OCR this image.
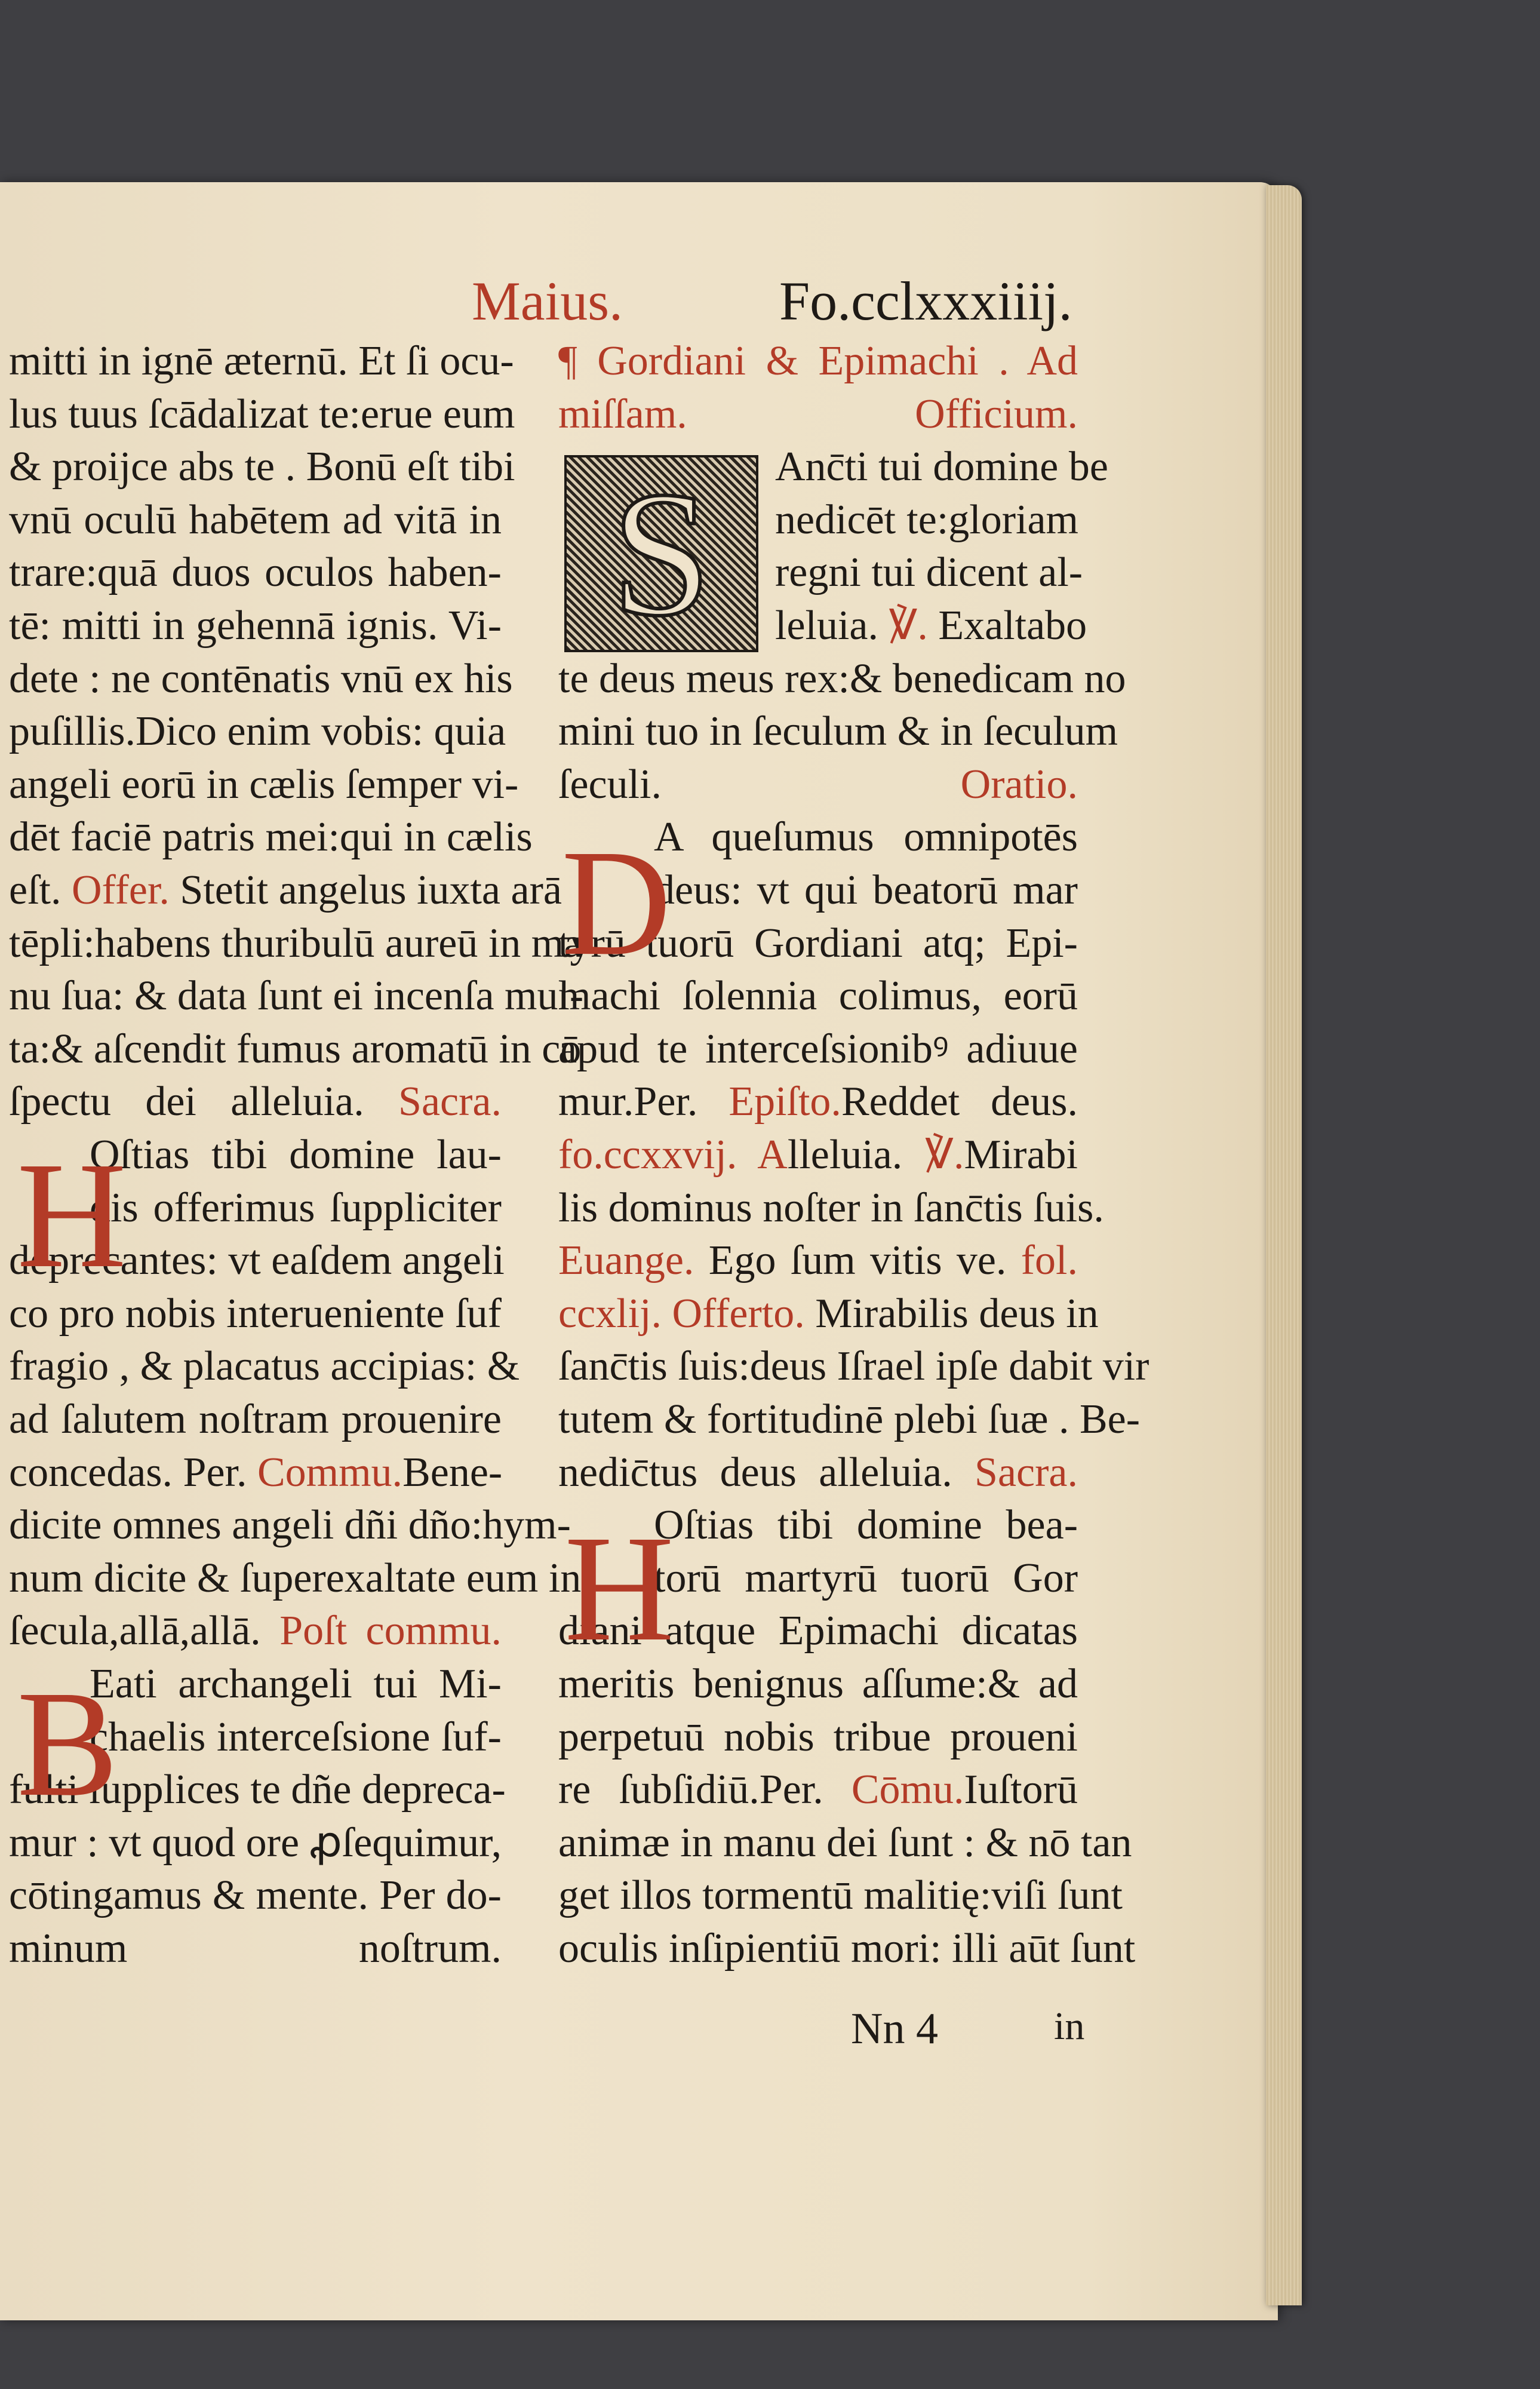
Maius.	Fo.cclxxxiiij.
mitti in ignē æternū. Et ſi ocu-
lus tuus ſcādalizat te:erue eum
& proijce abs te . Bonū eſt tibi
vnū oculū habētem ad vitā in
trare:quā duos oculos haben-
tē: mitti in gehennā ignis. Vi-
dete : ne contēnatis vnū ex his
puſillis.Dico enim vobis: quia
angeli eorū in cælis ſemper vi-
dēt faciē patris mei:qui in cælis
eſt. Offer. Stetit angelus iuxta arā
tēpli:habens thuribulū aureū in ma
nu ſua: & data ſunt ei incenſa mul-
ta:& aſcendit fumus aromatū in cō
ſpectu dei alleluia. Sacra.
Oſtias tibi domine lau-
dis offerimus ſuppliciter
deprecantes: vt eaſdem angeli
co pro nobis interueniente ſuf
fragio , & placatus accipias: &
ad ſalutem noſtram prouenire
concedas. Per. Commu.Bene-
dicite omnes angeli dñi dño:hym-
num dicite & ſuperexaltate eum in
ſecula,allā,allā. Poſt commu.
Eati archangeli tui Mi-
chaelis interceſsione ſuf-
fulti ſupplices te dñe depreca-
mur : vt quod ore ꝓſequimur,
cōtingamus & mente. Per do-
minum noſtrum.
¶ Gordiani & Epimachi . Ad
miſſam.	Officium.
Anc̄ti tui domine be
nedicēt te:gloriam
regni tui dicent al-
leluia. ℣. Exaltabo
te deus meus rex:& benedicam no
mini tuo in ſeculum & in ſeculum
ſeculi. Oratio.
A queſumus omnipotēs
deus: vt qui beatorū mar
tyrū tuorū Gordiani atq; Epi-
machi ſolennia colimus, eorū
apud te interceſsionibꝰ adiuue
mur.Per. Epiſto.Reddet deus.
fo.ccxxvij. Alleluia. ℣.Mirabi
lis dominus noſter in ſanc̄tis ſuis.
Euange. Ego ſum vitis ve. fol.
ccxlij. Offerto. Mirabilis deus in
ſanc̄tis ſuis:deus Iſrael ipſe dabit vir
tutem & fortitudinē plebi ſuæ . Be-
nedic̄tus deus alleluia. Sacra.
Oſtias tibi domine bea-
torū martyrū tuorū Gor
diani atque Epimachi dicatas
meritis benignus aſſume:& ad
perpetuū nobis tribue proueni
re ſubſidiū.Per. Cōmu.Iuſtorū
animæ in manu dei ſunt : & nō tan
get illos tormentū malitię:viſi ſunt
oculis inſipientiū mori: illi aūt ſunt
H
B
S
D
H
Nn 4	in
